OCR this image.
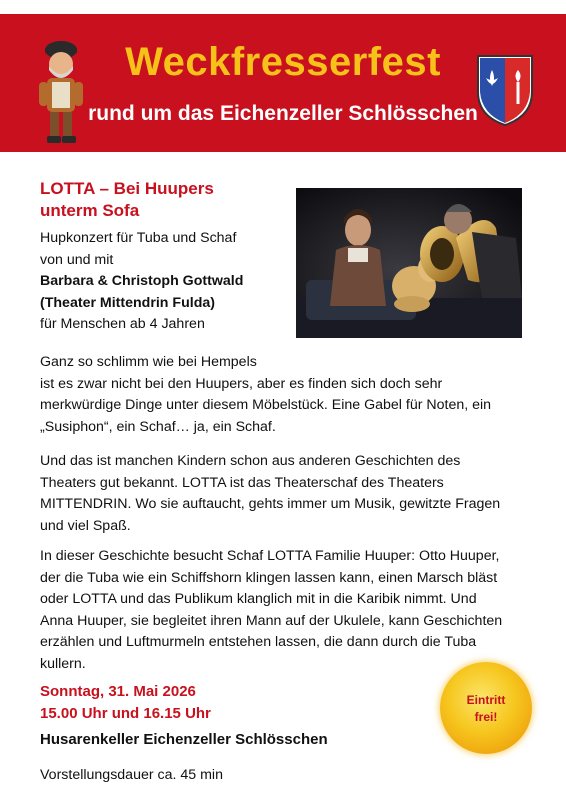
Weckfresserfest
rund um das Eichenzeller Schlösschen
LOTTA – Bei Huupers
unterm Sofa
Hupkonzert für Tuba und Schaf
von und mit
Barbara & Christoph Gottwald
(Theater Mittendrin Fulda)
für Menschen ab 4 Jahren
Ganz so schlimm wie bei Hempels
ist es zwar nicht bei den Huupers, aber es finden sich doch sehr
merkwürdige Dinge unter diesem Möbelstück. Eine Gabel für Noten, ein
„Susiphon“, ein Schaf… ja, ein Schaf.
Und das ist manchen Kindern schon aus anderen Geschichten des
Theaters gut bekannt. LOTTA ist das Theaterschaf des Theaters
MITTENDRIN. Wo sie auftaucht, gehts immer um Musik, gewitzte Fragen
und viel Spaß.
In dieser Geschichte besucht Schaf LOTTA Familie Huuper: Otto Huuper,
der die Tuba wie ein Schiffshorn klingen lassen kann, einen Marsch bläst
oder LOTTA und das Publikum klanglich mit in die Karibik nimmt. Und
Anna Huuper, sie begleitet ihren Mann auf der Ukulele, kann Geschichten
erzählen und Luftmurmeln entstehen lassen, die dann durch die Tuba
kullern.
Sonntag, 31. Mai 2026
15.00 Uhr und 16.15 Uhr
Husarenkeller Eichenzeller Schlösschen
Vorstellungsdauer ca. 45 min
Eintritt
frei!
